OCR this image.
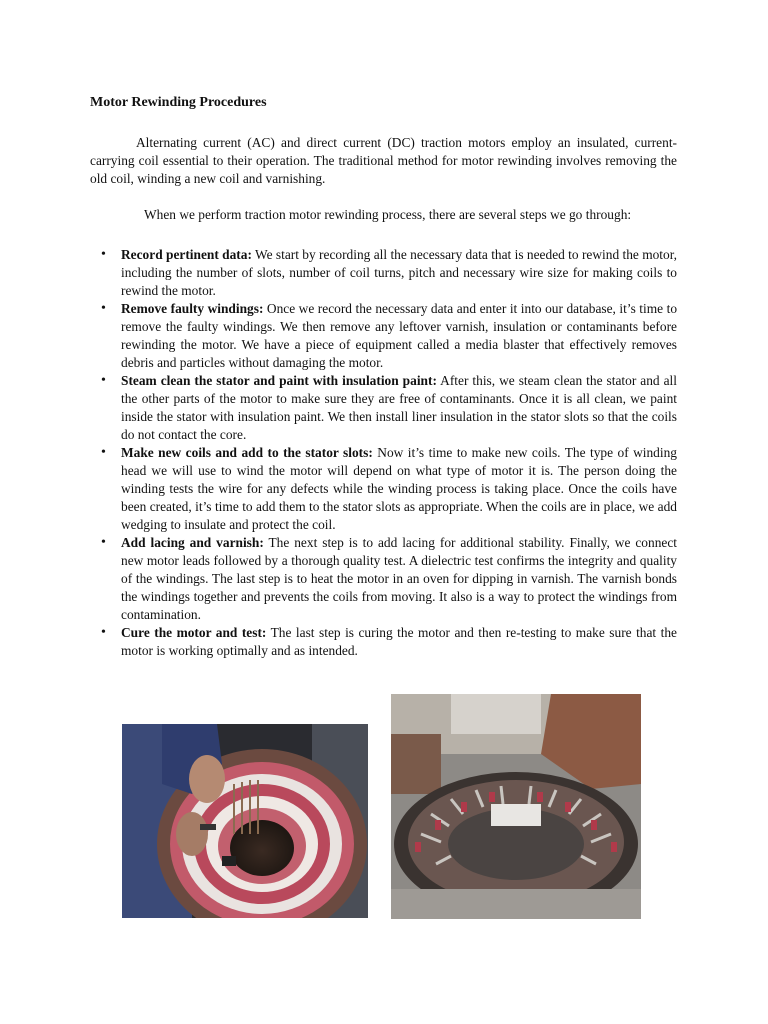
Motor Rewinding Procedures

Alternating current (AC) and direct current (DC) traction motors employ an insulated, current-carrying coil essential to their operation. The traditional method for motor rewinding involves removing the old coil, winding a new coil and varnishing.

When we perform traction motor rewinding process, there are several steps we go through:

• Record pertinent data: We start by recording all the necessary data that is needed to rewind the motor, including the number of slots, number of coil turns, pitch and necessary wire size for making coils to rewind the motor.
• Remove faulty windings: Once we record the necessary data and enter it into our database, it’s time to remove the faulty windings. We then remove any leftover varnish, insulation or contaminants before rewinding the motor. We have a piece of equipment called a media blaster that effectively removes debris and particles without damaging the motor.
• Steam clean the stator and paint with insulation paint: After this, we steam clean the stator and all the other parts of the motor to make sure they are free of contaminants. Once it is all clean, we paint inside the stator with insulation paint. We then install liner insulation in the stator slots so that the coils do not contact the core.
• Make new coils and add to the stator slots: Now it’s time to make new coils. The type of winding head we will use to wind the motor will depend on what type of motor it is. The person doing the winding tests the wire for any defects while the winding process is taking place. Once the coils have been created, it’s time to add them to the stator slots as appropriate. When the coils are in place, we add wedging to insulate and protect the coil.
• Add lacing and varnish: The next step is to add lacing for additional stability. Finally, we connect new motor leads followed by a thorough quality test. A dielectric test confirms the integrity and quality of the windings. The last step is to heat the motor in an oven for dipping in varnish. The varnish bonds the windings together and prevents the coils from moving. It also is a way to protect the windings from contamination.
• Cure the motor and test: The last step is curing the motor and then re-testing to make sure that the motor is working optimally and as intended.
